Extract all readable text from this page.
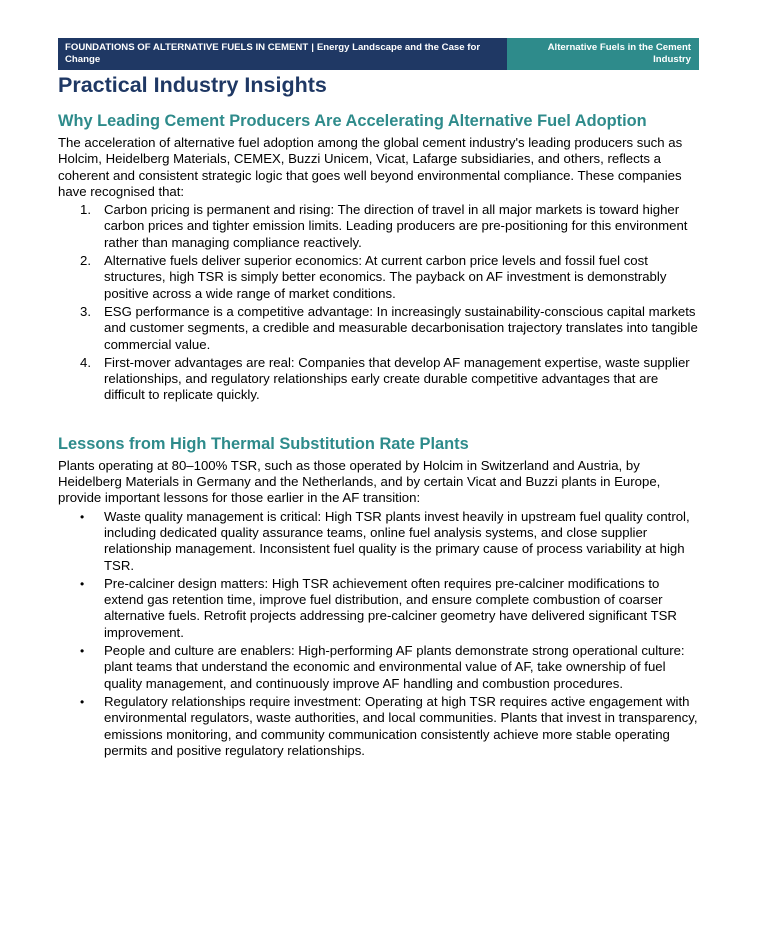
FOUNDATIONS OF ALTERNATIVE FUELS IN CEMENT | Energy Landscape and the Case for Change
Alternative Fuels in the Cement Industry
Practical Industry Insights
Why Leading Cement Producers Are Accelerating Alternative Fuel Adoption

The acceleration of alternative fuel adoption among the global cement industry's leading producers such as Holcim, Heidelberg Materials, CEMEX, Buzzi Unicem, Vicat, Lafarge subsidiaries, and others, reflects a coherent and consistent strategic logic that goes well beyond environmental compliance. These companies have recognised that:

1. Carbon pricing is permanent and rising: The direction of travel in all major markets is toward higher carbon prices and tighter emission limits. Leading producers are pre-positioning for this environment rather than managing compliance reactively.
2. Alternative fuels deliver superior economics: At current carbon price levels and fossil fuel cost structures, high TSR is simply better economics. The payback on AF investment is demonstrably positive across a wide range of market conditions.
3. ESG performance is a competitive advantage: In increasingly sustainability-conscious capital markets and customer segments, a credible and measurable decarbonisation trajectory translates into tangible commercial value.
4. First-mover advantages are real: Companies that develop AF management expertise, waste supplier relationships, and regulatory relationships early create durable competitive advantages that are difficult to replicate quickly.
Lessons from High Thermal Substitution Rate Plants

Plants operating at 80–100% TSR, such as those operated by Holcim in Switzerland and Austria, by Heidelberg Materials in Germany and the Netherlands, and by certain Vicat and Buzzi plants in Europe, provide important lessons for those earlier in the AF transition:

• Waste quality management is critical: High TSR plants invest heavily in upstream fuel quality control, including dedicated quality assurance teams, online fuel analysis systems, and close supplier relationship management. Inconsistent fuel quality is the primary cause of process variability at high TSR.
• Pre-calciner design matters: High TSR achievement often requires pre-calciner modifications to extend gas retention time, improve fuel distribution, and ensure complete combustion of coarser alternative fuels. Retrofit projects addressing pre-calciner geometry have delivered significant TSR improvement.
• People and culture are enablers: High-performing AF plants demonstrate strong operational culture: plant teams that understand the economic and environmental value of AF, take ownership of fuel quality management, and continuously improve AF handling and combustion procedures.
• Regulatory relationships require investment: Operating at high TSR requires active engagement with environmental regulators, waste authorities, and local communities. Plants that invest in transparency, emissions monitoring, and community communication consistently achieve more stable operating permits and positive regulatory relationships.
